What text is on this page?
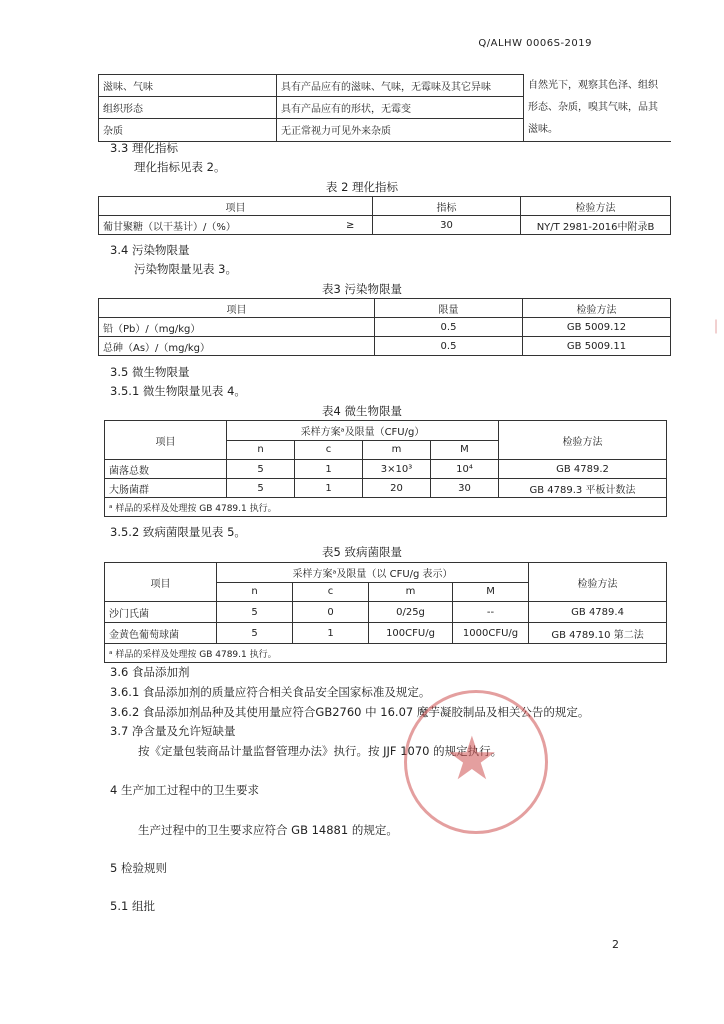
Q/ALHW 0006S-2019
滋味、气味	具有产品应有的滋味、气味，无霉味及其它异味	自然光下，观察其色泽、组织形态、杂质，嗅其气味，品其滋味。
组织形态	具有产品应有的形状，无霉变	
杂质	无正常视力可见外来杂质	
3.3 理化指标
理化指标见表 2。
表 2 理化指标
项目		指标	检验方法
葡甘聚糖（以干基计）/（%）	≥	30	NY/T 2981-2016中附录B
3.4 污染物限量
污染物限量见表 3。
表3 污染物限量
项目	限量	检验方法
铅（Pb）/（mg/kg）	0.5	GB 5009.12
总砷（As）/（mg/kg）	0.5	GB 5009.11
3.5 微生物限量
3.5.1 微生物限量见表 4。
表4 微生物限量
项目	采样方案ᵃ及限量（CFU/g）				检验方法
	n	c	m	M	
菌落总数	5	1	3×10³	10⁴	GB 4789.2
大肠菌群	5	1	20	30	GB 4789.3 平板计数法
ᵃ 样品的采样及处理按 GB 4789.1 执行。					
3.5.2 致病菌限量见表 5。
表5 致病菌限量
项目	采样方案ᵃ及限量（以 CFU/g 表示）				检验方法
	n	c	m	M	
沙门氏菌	5	0	0/25g	--	GB 4789.4
金黄色葡萄球菌	5	1	100CFU/g	1000CFU/g	GB 4789.10 第二法
ᵃ 样品的采样及处理按 GB 4789.1 执行。					
3.6 食品添加剂
3.6.1 食品添加剂的质量应符合相关食品安全国家标准及规定。
3.6.2 食品添加剂品种及其使用量应符合GB2760 中 16.07 魔芋凝胶制品及相关公告的规定。
3.7 净含量及允许短缺量
按《定量包装商品计量监督管理办法》执行。按 JJF 1070 的规定执行。
4 生产加工过程中的卫生要求
生产过程中的卫生要求应符合 GB 14881 的规定。
5 检验规则
5.1 组批
2
★
❘
